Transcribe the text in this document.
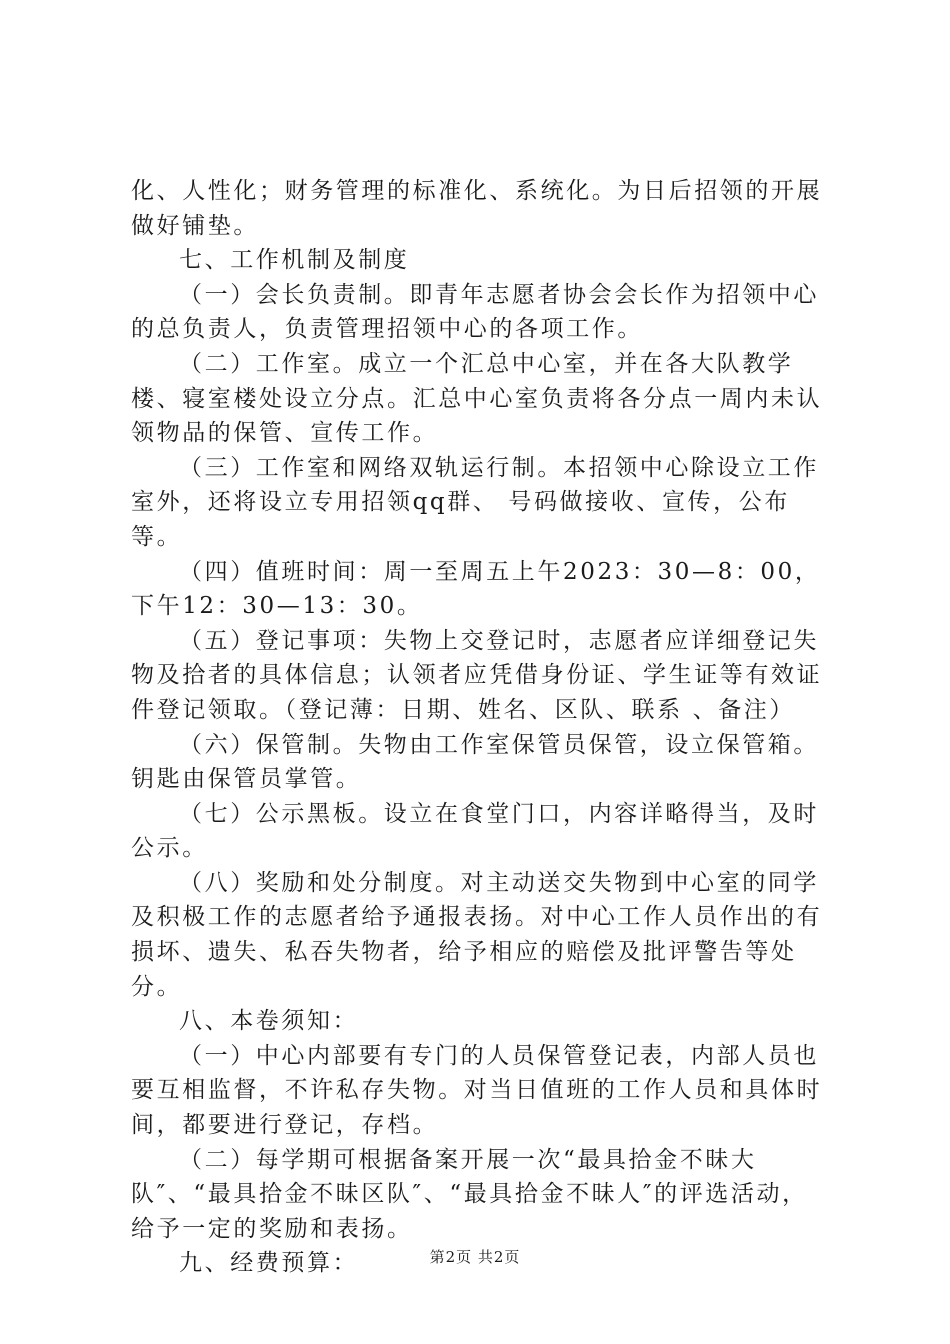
化、人性化；财务管理的标准化、系统化。为日后招领的开展做好铺垫。

七、工作机制及制度

（一）会长负责制。即青年志愿者协会会长作为招领中心的总负责人，负责管理招领中心的各项工作。

（二）工作室。成立一个汇总中心室，并在各大队教学楼、寝室楼处设立分点。汇总中心室负责将各分点一周内未认领物品的保管、宣传工作。

（三）工作室和网络双轨运行制。本招领中心除设立工作室外，还将设立专用招领qq群、 号码做接收、宣传，公布等。

（四）值班时间：周一至周五上午2023：30—8：00，下午12：30—13：30。

（五）登记事项：失物上交登记时，志愿者应详细登记失物及拾者的具体信息；认领者应凭借身份证、学生证等有效证件登记领取。（登记薄：日期、姓名、区队、联系 、备注）

（六）保管制。失物由工作室保管员保管，设立保管箱。钥匙由保管员掌管。

（七）公示黑板。设立在食堂门口，内容详略得当，及时公示。

（八）奖励和处分制度。对主动送交失物到中心室的同学及积极工作的志愿者给予通报表扬。对中心工作人员作出的有损坏、遗失、私吞失物者，给予相应的赔偿及批评警告等处分。

八、本卷须知：

（一）中心内部要有专门的人员保管登记表，内部人员也要互相监督，不许私存失物。对当日值班的工作人员和具体时间，都要进行登记，存档。

（二）每学期可根据备案开展一次“最具拾金不昧大队″、“最具拾金不昧区队″、“最具拾金不昧人″的评选活动，给予一定的奖励和表扬。

九、经费预算：	第2页 共2页
